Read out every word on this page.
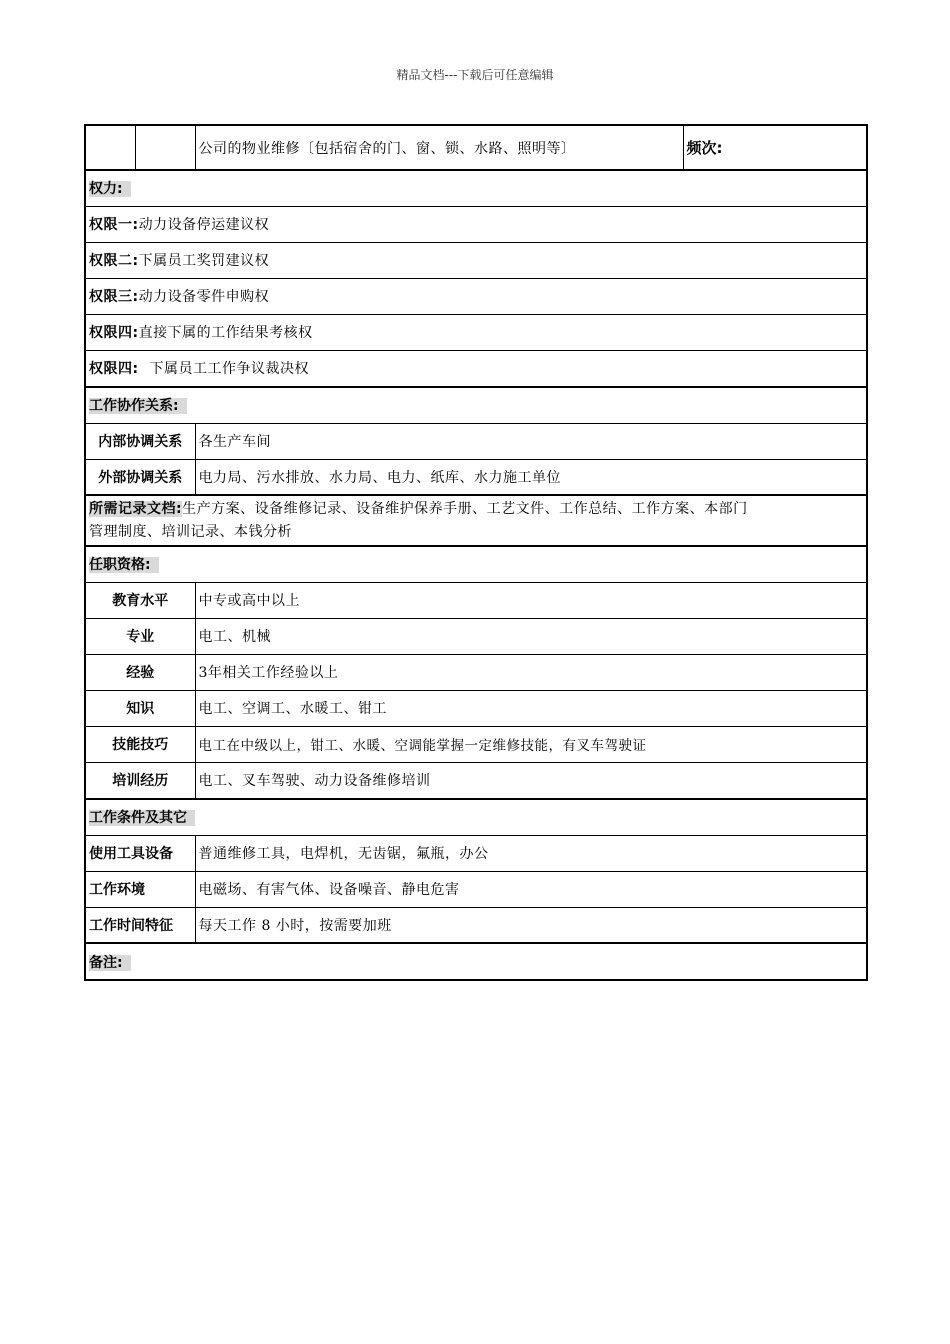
精品文档---下载后可任意编辑
		公司的物业维修〔包括宿舍的门、窗、锁、水路、照明等〕	频次:
权力:			
权限一:动力设备停运建议权			
权限二:下属员工奖罚建议权			
权限三:动力设备零件申购权			
权限四:直接下属的工作结果考核权			
权限四: 下属员工工作争议裁决权			
工作协作关系:			
内部协调关系		各生产车间	
外部协调关系		电力局、污水排放、水力局、电力、纸库、水力施工单位	
所需记录文档:生产方案、设备维修记录、设备维护保养手册、工艺文件、工作总结、工作方案、本部门
管理制度、培训记录、本钱分析			
任职资格:			
教育水平		中专或高中以上	
专业		电工、机械	
经验		3年相关工作经验以上	
知识		电工、空调工、水暖工、钳工	
技能技巧		电工在中级以上，钳工、水暖、空调能掌握一定维修技能，有叉车驾驶证	
培训经历		电工、叉车驾驶、动力设备维修培训	
工作条件及其它			
使用工具设备		普通维修工具，电焊机，无齿锯，氟瓶，办公	
工作环境		电磁场、有害气体、设备噪音、静电危害	
工作时间特征		每天工作 8 小时，按需要加班	
备注:			
